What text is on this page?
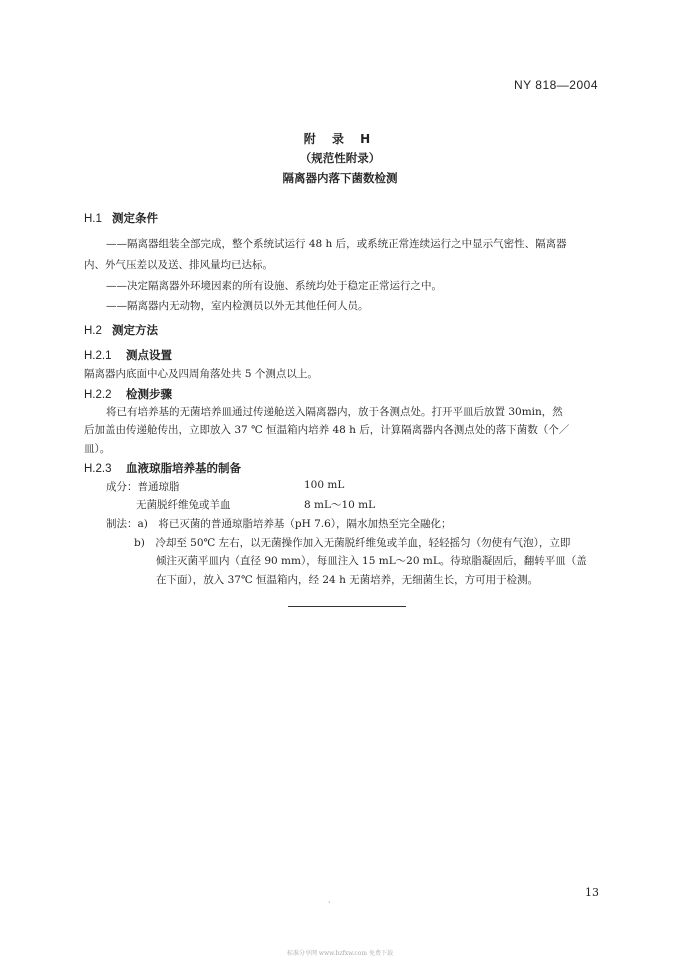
NY 818—2004
附 录 H
（规范性附录）
隔离器内落下菌数检测
H.1 测定条件
——隔离器组装全部完成，整个系统试运行 48 h 后，或系统正常连续运行之中显示气密性、隔离器
内、外气压差以及送、排风量均已达标。
——决定隔离器外环境因素的所有设施、系统均处于稳定正常运行之中。
——隔离器内无动物，室内检测员以外无其他任何人员。
H.2 测定方法
H.2.1 测点设置
隔离器内底面中心及四周角落处共 5 个测点以上。
H.2.2 检测步骤
将已有培养基的无菌培养皿通过传递舱送入隔离器内，放于各测点处。打开平皿后放置 30min，然
后加盖由传递舱传出，立即放入 37 ℃ 恒温箱内培养 48 h 后，计算隔离器内各测点处的落下菌数（个／
皿）。
H.2.3 血液琼脂培养基的制备
成分：普通琼脂	100 mL
无菌脱纤维兔或羊血	8 mL～10 mL
制法：a)　将已灭菌的普通琼脂培养基（pH 7.6），隔水加热至完全融化；
b)　冷却至 50℃ 左右，以无菌操作加入无菌脱纤维兔或羊血，轻轻摇匀（勿使有气泡），立即
倾注灭菌平皿内（直径 90 mm），每皿注入 15 mL～20 mL。待琼脂凝固后，翻转平皿（盖
在下面），放入 37℃ 恒温箱内，经 24 h 无菌培养，无细菌生长，方可用于检测。
13
·
标准分享网 www.bzfxw.com 免费下载
